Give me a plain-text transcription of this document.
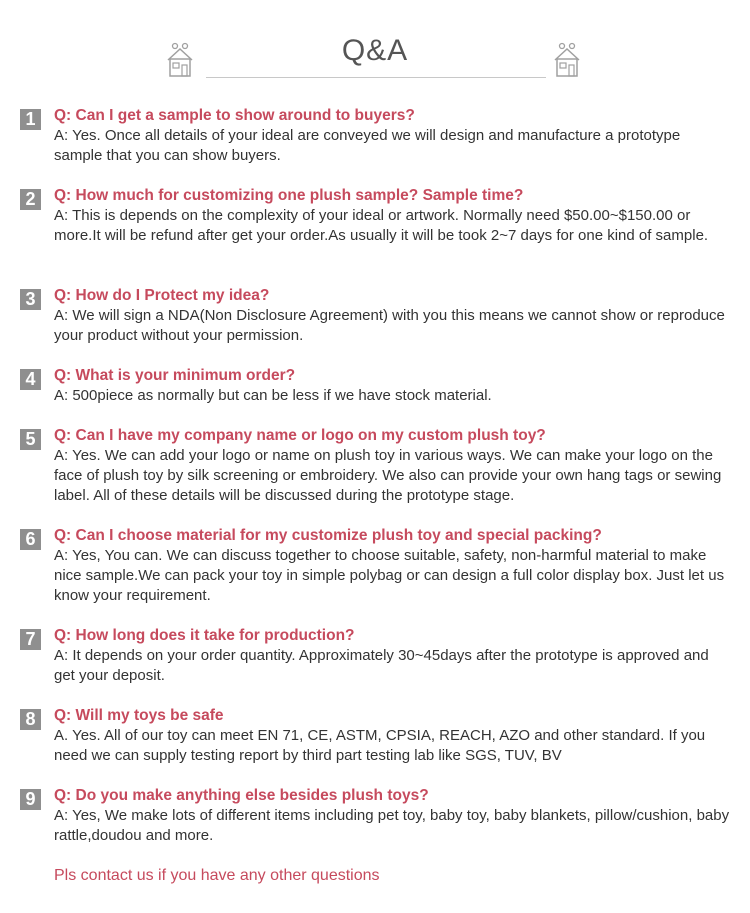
Q&A
1	Q: Can I get a sample to show around to buyers?
A: Yes. Once all details of your ideal are conveyed we will design and manufacture a prototype sample that you can show buyers.
2	Q: How much for customizing one plush sample? Sample time?
A: This is depends on the complexity of your ideal or artwork. Normally need $50.00~$150.00 or more.It will be refund after get your order.As usually it will be took 2~7 days for one kind of sample.
3	Q: How do I Protect my idea?
A: We will sign a NDA(Non Disclosure Agreement) with you this means we cannot show or reproduce your product without your permission.
4	Q: What is your minimum order?
A: 500piece as normally but can be less if we have stock material.
5	Q: Can I have my company name or logo on my custom plush toy?
A: Yes. We can add your logo or name on plush toy in various ways. We can make your logo on the face of plush toy by silk screening or embroidery. We also can provide your own hang tags or sewing label. All of these details will be discussed during the prototype stage.
6	Q: Can I choose material for my customize plush toy and special packing?
A: Yes, You can. We can discuss together to choose suitable, safety, non-harmful material to make nice sample.We can pack your toy in simple polybag or can design a full color display box. Just let us know your requirement.
7	Q: How long does it take for production?
A: It depends on your order quantity. Approximately 30~45days after the prototype is approved and get your deposit.
8	Q: Will my toys be safe
A. Yes. All of our toy can meet EN 71, CE, ASTM, CPSIA, REACH, AZO and other standard. If you need we can supply testing report by third part testing lab like SGS, TUV, BV
9	Q: Do you make anything else besides plush toys?
A: Yes, We make lots of different items including pet toy, baby toy, baby blankets, pillow/cushion, baby rattle,doudou and more.
Pls contact us if you have any other questions
